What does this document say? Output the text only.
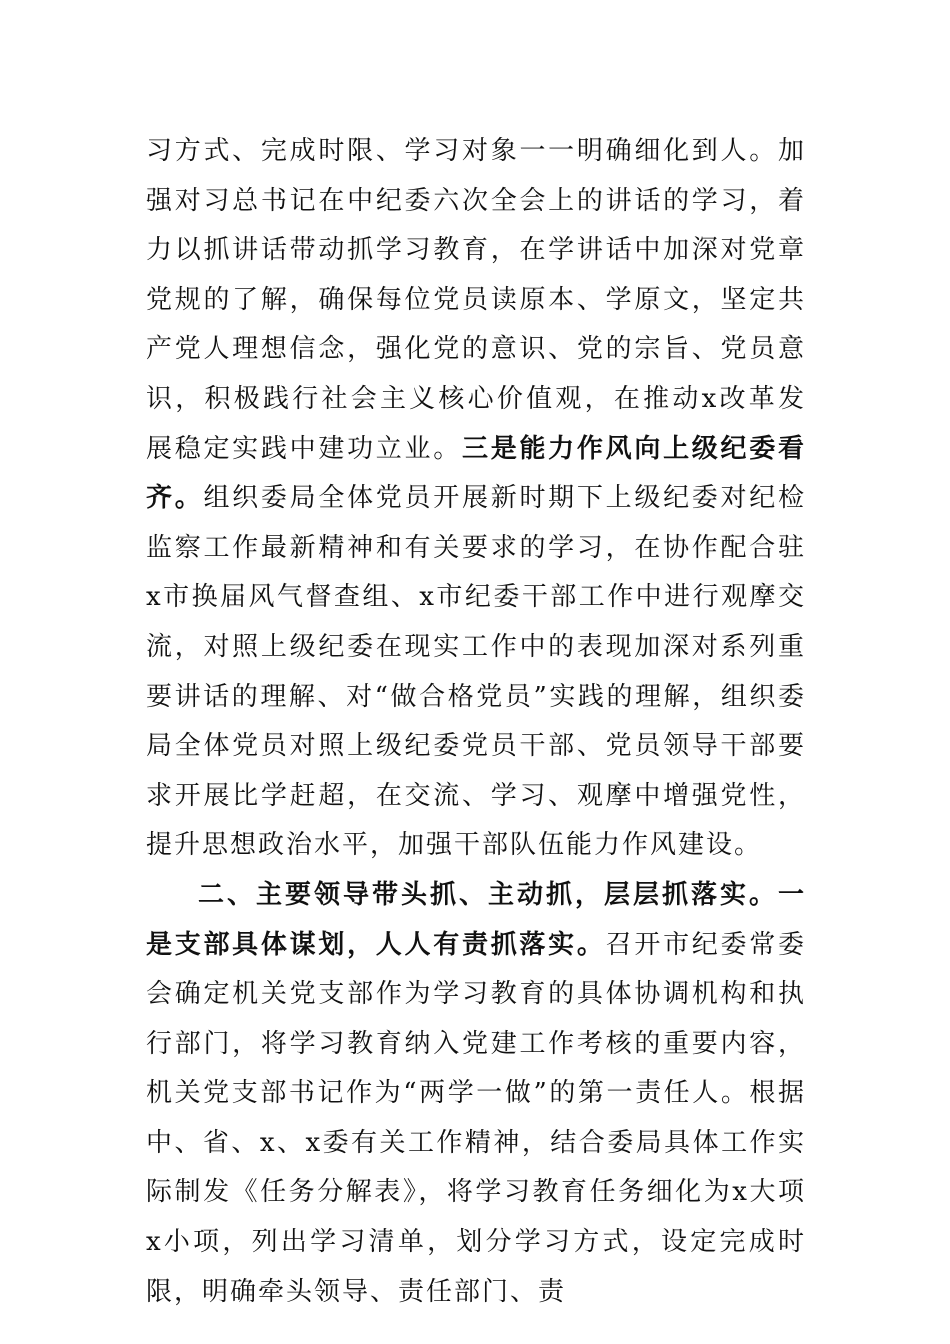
习方式、完成时限、学习对象一一明确细化到人。加强对习总书记在中纪委六次全会上的讲话的学习，着力以抓讲话带动抓学习教育，在学讲话中加深对党章党规的了解，确保每位党员读原本、学原文，坚定共产党人理想信念，强化党的意识、党的宗旨、党员意识，积极践行社会主义核心价值观，在推动x改革发展稳定实践中建功立业。三是能力作风向上级纪委看齐。组织委局全体党员开展新时期下上级纪委对纪检监察工作最新精神和有关要求的学习，在协作配合驻x市换届风气督查组、x市纪委干部工作中进行观摩交流，对照上级纪委在现实工作中的表现加深对系列重要讲话的理解、对“做合格党员”实践的理解，组织委局全体党员对照上级纪委党员干部、党员领导干部要求开展比学赶超，在交流、学习、观摩中增强党性，提升思想政治水平，加强干部队伍能力作风建设。

二、主要领导带头抓、主动抓，层层抓落实。一是支部具体谋划，人人有责抓落实。召开市纪委常委会确定机关党支部作为学习教育的具体协调机构和执行部门，将学习教育纳入党建工作考核的重要内容，机关党支部书记作为“两学一做”的第一责任人。根据中、省、x、x委有关工作精神，结合委局具体工作实际制发《任务分解表》，将学习教育任务细化为x大项x小项，列出学习清单，划分学习方式，设定完成时限，明确牵头领导、责任部门、责
